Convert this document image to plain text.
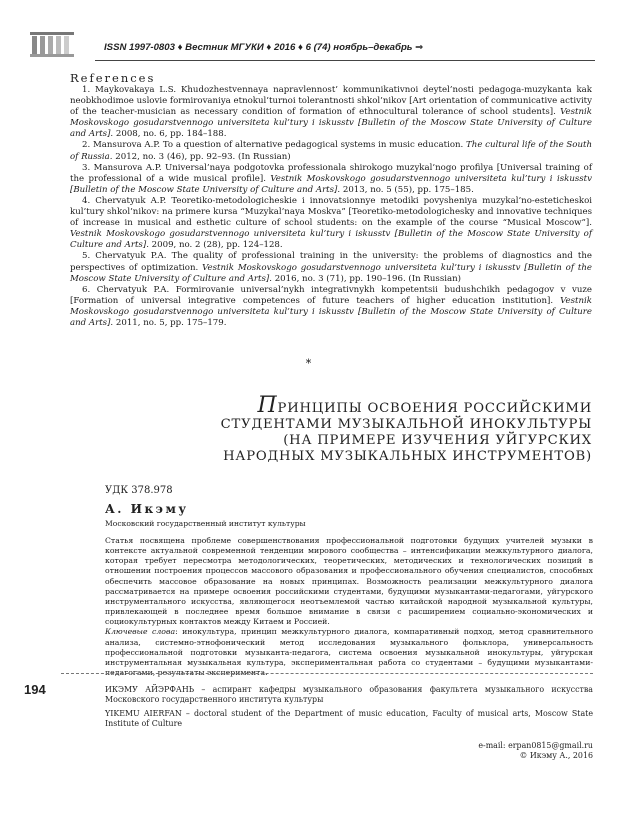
ISSN 1997-0803 ♦ Вестник МГУКИ ♦ 2016 ♦ 6 (74) ноябрь–декабрь ⇒
References

1. Maykovakaya L.S. Khudozhestvennaya napravlennost’ kommunikativnoi deytel’nosti pedagoga-muzykanta kak neobkhodimoe uslovie formirovaniya etnokul’turnoi tolerantnosti shkol’nikov [Art orientation of communicative activity of the teacher-musician as necessary condition of formation of ethnocultural tolerance of school students]. Vestnik Moskovskogo gosudarstvennogo universiteta kul’tury i iskusstv [Bulletin of the Moscow State University of Culture and Arts]. 2008, no. 6, pp. 184–188.

2. Mansurova A.P. To a question of alternative pedagogical systems in music education. The cultural life of the South of Russia. 2012, no. 3 (46), pp. 92–93. (In Russian)

3. Mansurova A.P. Universal’naya podgotovka professionala shirokogo muzykal’nogo profilya [Universal training of the professional of a wide musical profile]. Vestnik Moskovskogo gosudarstvennogo universiteta kul’tury i iskusstv [Bulletin of the Moscow State University of Culture and Arts]. 2013, no. 5 (55), pp. 175–185.

4. Chervatyuk A.P. Teoretiko-metodologicheskie i innovatsionnye metodiki povysheniya muzykal’no-esteticheskoi kul’tury shkol’nikov: na primere kursa “Muzykal’naya Moskva” [Teoretiko-metodologichesky and innovative techniques of increase in musical and esthetic culture of school students: on the example of the course “Musical Moscow”]. Vestnik Moskovskogo gosudarstvennogo universiteta kul’tury i iskusstv [Bulletin of the Moscow State University of Culture and Arts]. 2009, no. 2 (28), pp. 124–128.

5. Chervatyuk P.A. The quality of professional training in the university: the problems of diagnostics and the perspectives of optimization. Vestnik Moskovskogo gosudarstvennogo universiteta kul’tury i iskusstv [Bulletin of the Moscow State University of Culture and Arts]. 2016, no. 3 (71), pp. 190–196. (In Russian)

6. Chervatyuk P.A. Formirovanie universal’nykh integrativnykh kompetentsii budushchikh pedagogov v vuze [Formation of universal integrative competences of future teachers of higher education institution]. Vestnik Moskovskogo gosudarstvennogo universiteta kul’tury i iskusstv [Bulletin of the Moscow State University of Culture and Arts]. 2011, no. 5, pp. 175–179.

*
ПРИНЦИПЫ ОСВОЕНИЯ РОССИЙСКИМИ
СТУДЕНТАМИ МУЗЫКАЛЬНОЙ ИНОКУЛЬТУРЫ
(НА ПРИМЕРЕ ИЗУЧЕНИЯ УЙГУРСКИХ
НАРОДНЫХ МУЗЫКАЛЬНЫХ ИНСТРУМЕНТОВ)
УДК 378.978
А. Икэму
Московский государственный институт культуры

Статья посвящена проблеме совершенствования профессиональной подготовки будущих учителей музыки в контексте актуальной современной тенденции мирового сообщества – интенсификации межкультурного диалога, которая требует пересмотра методологических, теоретических, методических и технологических позиций в отношении построения процессов массового образования и профессионального обучения специалистов, способных обеспечить массовое образование на новых принципах. Возможность реализации межкультурного диалога рассматривается на примере освоения российскими студентами, будущими музыкантами-педагогами, уйгурского инструментального искусства, являющегося неотъемлемой частью китайской народной музыкальной культуры, привлекающей в последнее время большое внимание в связи с расширением социально-экономических и социокультурных контактов между Китаем и Россией.

Ключевые слова: инокультура, принцип межкультурного диалога, компаративный подход, метод сравнительного анализа, системно-этнофонический метод исследования музыкального фольклора, универсальность профессиональной подготовки музыканта-педагога, система освоения музыкальной инокультуры, уйгурская инструментальная музыкальная культура, экспериментальная работа со студентами – будущими музыкантами-педагогами, результаты эксперимента.

194	ИКЭМУ АЙЭРФАНЬ – аспирант кафедры музыкального образования факультета музыкального искусства Московского государственного института культуры
YIKEMU AIERFAN – doctoral student of the Department of music education, Faculty of musical arts, Moscow State Institute of Culture
e-mail: erpan0815@gmail.ru
© Икэму А., 2016
